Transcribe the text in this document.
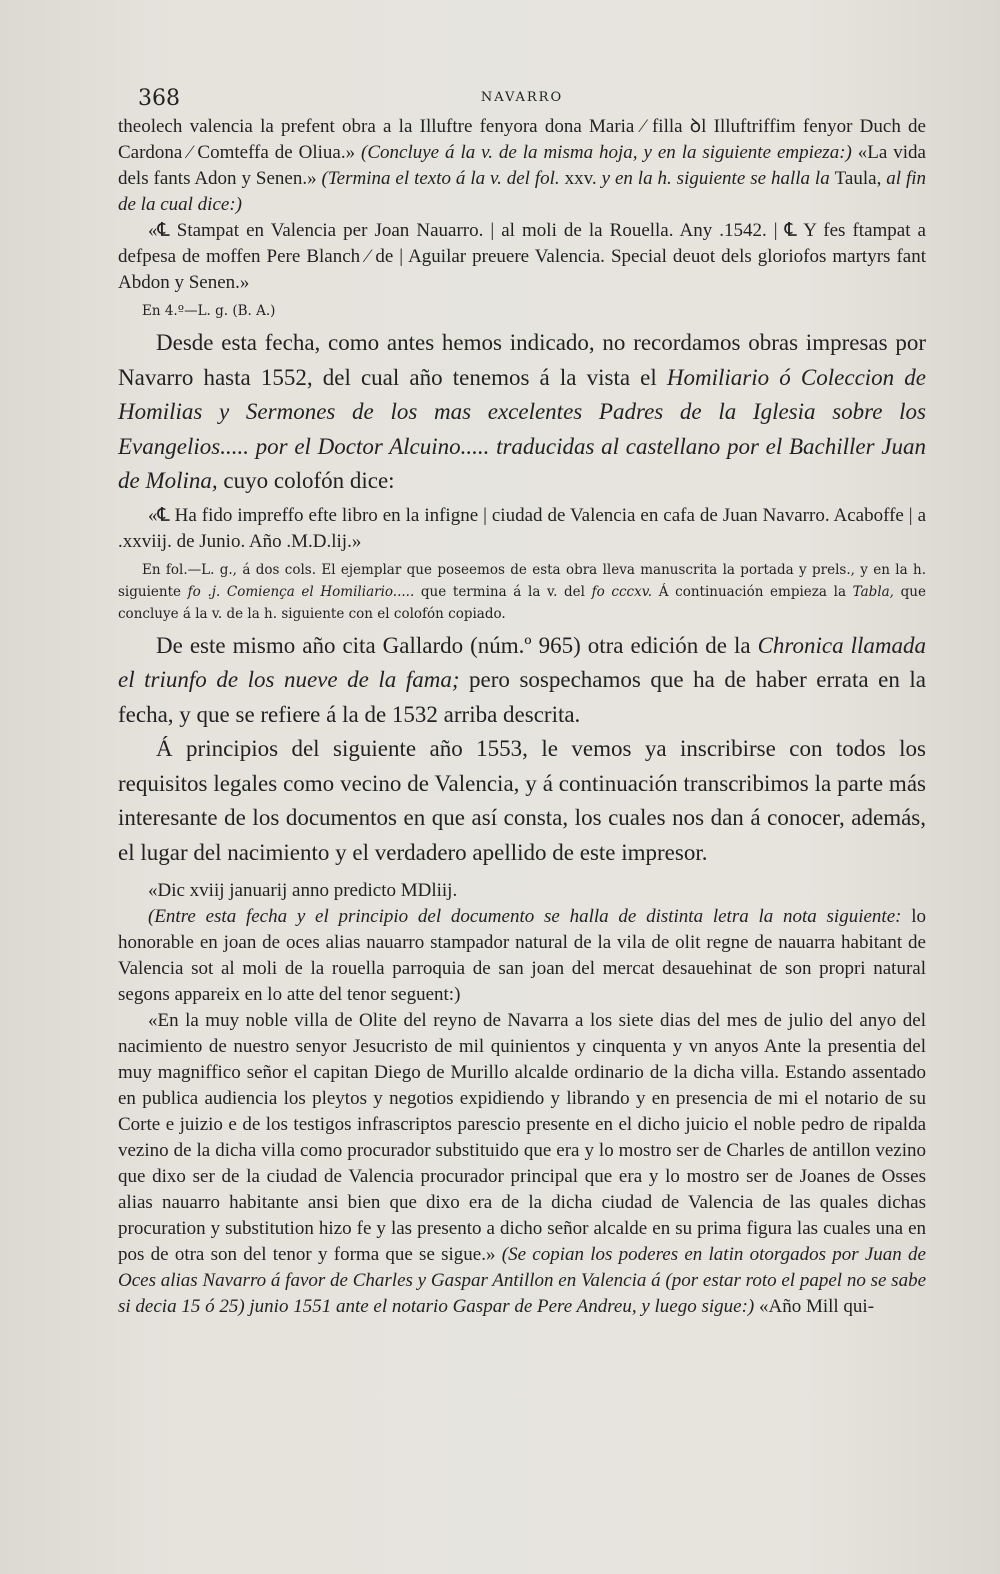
368	NAVARRO

theolech valencia la prefent obra a la Illuftre fenyora dona Maria ⁄ filla ꝺl Illuftriffim fenyor Duch de Cardona ⁄ Comteffa de Oliua.» (Concluye á la v. de la misma hoja, y en la siguiente empieza:) «La vida dels fants Adon y Senen.» (Termina el texto á la v. del fol. xxv. y en la h. siguiente se halla la Taula, al fin de la cual dice:)

«℄ Stampat en Valencia per Joan Nauarro. | al moli de la Rouella. Any .1542. | ℄ Y fes ftampat a defpesa de moffen Pere Blanch ⁄ de | Aguilar preuere Valencia. Special deuot dels gloriofos martyrs fant Abdon y Senen.»

En 4.º—L. g. (B. A.)

Desde esta fecha, como antes hemos indicado, no recordamos obras impresas por Navarro hasta 1552, del cual año tenemos á la vista el Homiliario ó Coleccion de Homilias y Sermones de los mas excelentes Padres de la Iglesia sobre los Evangelios..... por el Doctor Alcuino..... traducidas al castellano por el Bachiller Juan de Molina, cuyo colofón dice:

«℄ Ha fido impreffo efte libro en la infigne | ciudad de Valencia en cafa de Juan Navarro. Acaboffe | a .xxviij. de Junio. Año .M.D.lij.»

En fol.—L. g., á dos cols. El ejemplar que poseemos de esta obra lleva manuscrita la portada y prels., y en la h. siguiente fo .j. Comiença el Homiliario..... que termina á la v. del fo cccxv. Á continuación empieza la Tabla, que concluye á la v. de la h. siguiente con el colofón copiado.

De este mismo año cita Gallardo (núm.º 965) otra edición de la Chronica llamada el triunfo de los nueve de la fama; pero sospechamos que ha de haber errata en la fecha, y que se refiere á la de 1532 arriba descrita.

Á principios del siguiente año 1553, le vemos ya inscribirse con todos los requisitos legales como vecino de Valencia, y á continuación transcribimos la parte más interesante de los documentos en que así consta, los cuales nos dan á conocer, además, el lugar del nacimiento y el verdadero apellido de este impresor.

«Dic xviij januarij anno predicto MDliij.

(Entre esta fecha y el principio del documento se halla de distinta letra la nota siguiente: lo honorable en joan de oces alias nauarro stampador natural de la vila de olit regne de nauarra habitant de Valencia sot al moli de la rouella parroquia de san joan del mercat desauehinat de son propri natural segons appareix en lo atte del tenor seguent:)

«En la muy noble villa de Olite del reyno de Navarra a los siete dias del mes de julio del anyo del nacimiento de nuestro senyor Jesucristo de mil quinientos y cinquenta y vn anyos Ante la presentia del muy magniffico señor el capitan Diego de Murillo alcalde ordinario de la dicha villa. Estando assentado en publica audiencia los pleytos y negotios expidiendo y librando y en presencia de mi el notario de su Corte e juizio e de los testigos infrascriptos parescio presente en el dicho juicio el noble pedro de ripalda vezino de la dicha villa como procurador substituido que era y lo mostro ser de Charles de antillon vezino que dixo ser de la ciudad de Valencia procurador principal que era y lo mostro ser de Joanes de Osses alias nauarro habitante ansi bien que dixo era de la dicha ciudad de Valencia de las quales dichas procuration y substitution hizo fe y las presento a dicho señor alcalde en su prima figura las cuales una en pos de otra son del tenor y forma que se sigue.» (Se copian los poderes en latin otorgados por Juan de Oces alias Navarro á favor de Charles y Gaspar Antillon en Valencia á (por estar roto el papel no se sabe si decia 15 ó 25) junio 1551 ante el notario Gaspar de Pere Andreu, y luego sigue:) «Año Mill qui-
